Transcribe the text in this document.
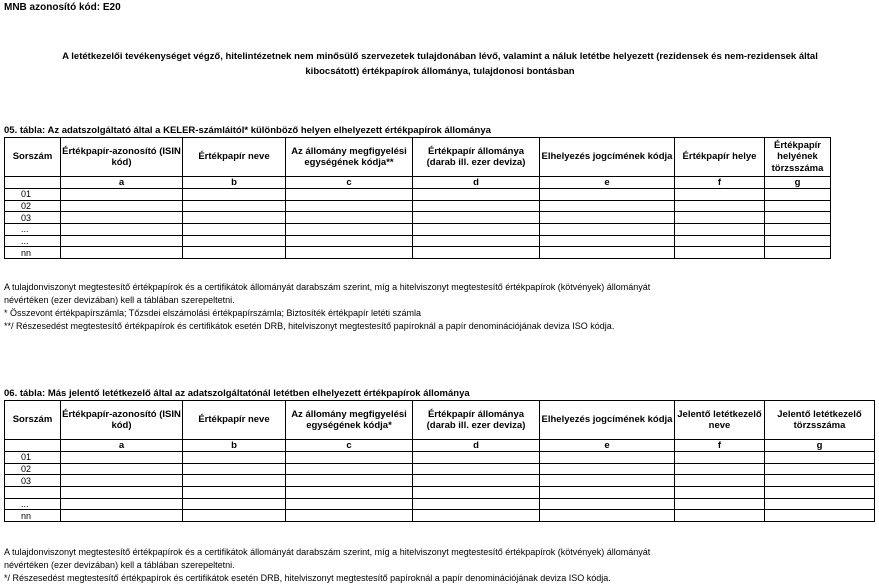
MNB azonosító kód: E20
A letétkezelői tevékenységet végző, hitelintézetnek nem minősülő szervezetek tulajdonában lévő, valamint a náluk letétbe helyezett (rezidensek és nem-rezidensek által
kibocsátott) értékpapírok állománya, tulajdonosi bontásban
05. tábla: Az adatszolgáltató által a KELER-számláitól* különböző helyen elhelyezett értékpapírok állománya
Sorszám	Értékpapír-azonosító (ISIN kód)	Értékpapír neve	Az állomány megfigyelési egységének kódja**	Értékpapír állománya (darab ill. ezer deviza)	Elhelyezés jogcímének kódja	Értékpapír helye	Értékpapír helyének törzsszáma
	a	b	c	d	e	f	g
01							
02							
03							
...							
...							
nn							
A tulajdonviszonyt megtestesítő értékpapírok és a certifikátok állományát darabszám szerint, míg a hitelviszonyt megtestesítő értékpapírok (kötvények) állományát
névértéken (ezer devizában) kell a táblában szerepeltetni.
* Összevont értékpapírszámla; Tőzsdei elszámolási értékpapírszámla; Biztosíték értékpapír letéti számla
**/ Részesedést megtestesítő értékpapírok és certifikátok esetén DRB, hitelviszonyt megtestesítő papíroknál a papír denominációjának deviza ISO kódja.
06. tábla: Más jelentő letétkezelő által az adatszolgáltatónál letétben elhelyezett értékpapírok állománya
Sorszám	Értékpapír-azonosító (ISIN kód)	Értékpapír neve	Az állomány megfigyelési egységének kódja*	Értékpapír állománya (darab ill. ezer deviza)	Elhelyezés jogcímének kódja	Jelentő letétkezelő neve	Jelentő letétkezelő törzsszáma
	a	b	c	d	e	f	g
01							
02							
03							

...							
nn							
A tulajdonviszonyt megtestesítő értékpapírok és a certifikátok állományát darabszám szerint, míg a hitelviszonyt megtestesítő értékpapírok (kötvények) állományát
névértéken (ezer devizában) kell a táblában szerepeltetni.
*/ Részesedést megtestesítő értékpapírok és certifikátok esetén DRB, hitelviszonyt megtestesítő papíroknál a papír denominációjának deviza ISO kódja.
